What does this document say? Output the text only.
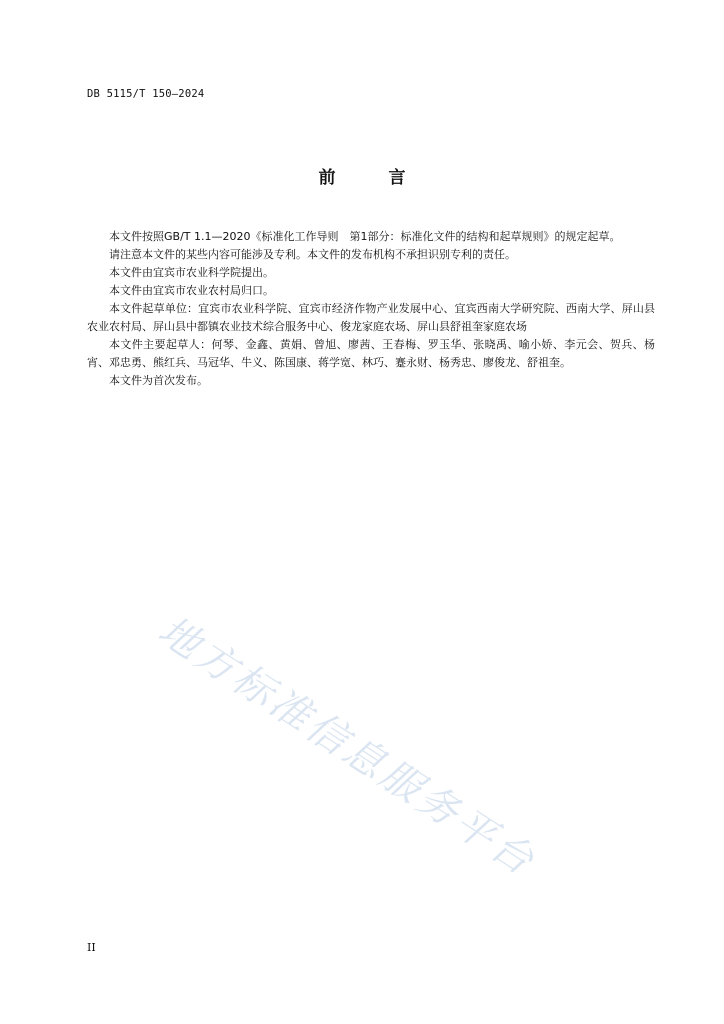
DB 5115/T 150—2024
前　言

本文件按照GB/T 1.1—2020《标准化工作导则　第1部分：标准化文件的结构和起草规则》的规定起草。

请注意本文件的某些内容可能涉及专利。本文件的发布机构不承担识别专利的责任。

本文件由宜宾市农业科学院提出。

本文件由宜宾市农业农村局归口。

本文件起草单位：宜宾市农业科学院、宜宾市经济作物产业发展中心、宜宾西南大学研究院、西南大学、屏山县农业农村局、屏山县中都镇农业技术综合服务中心、俊龙家庭农场、屏山县舒祖奎家庭农场

本文件主要起草人：何琴、金鑫、黄娟、曾旭、廖茜、王春梅、罗玉华、张晓禹、喻小娇、李元会、贺兵、杨宵、邓忠勇、熊红兵、马冠华、牛义、陈国康、蒋学宽、林巧、蹇永财、杨秀忠、廖俊龙、舒祖奎。

本文件为首次发布。

地方标准信息服务平台
II
